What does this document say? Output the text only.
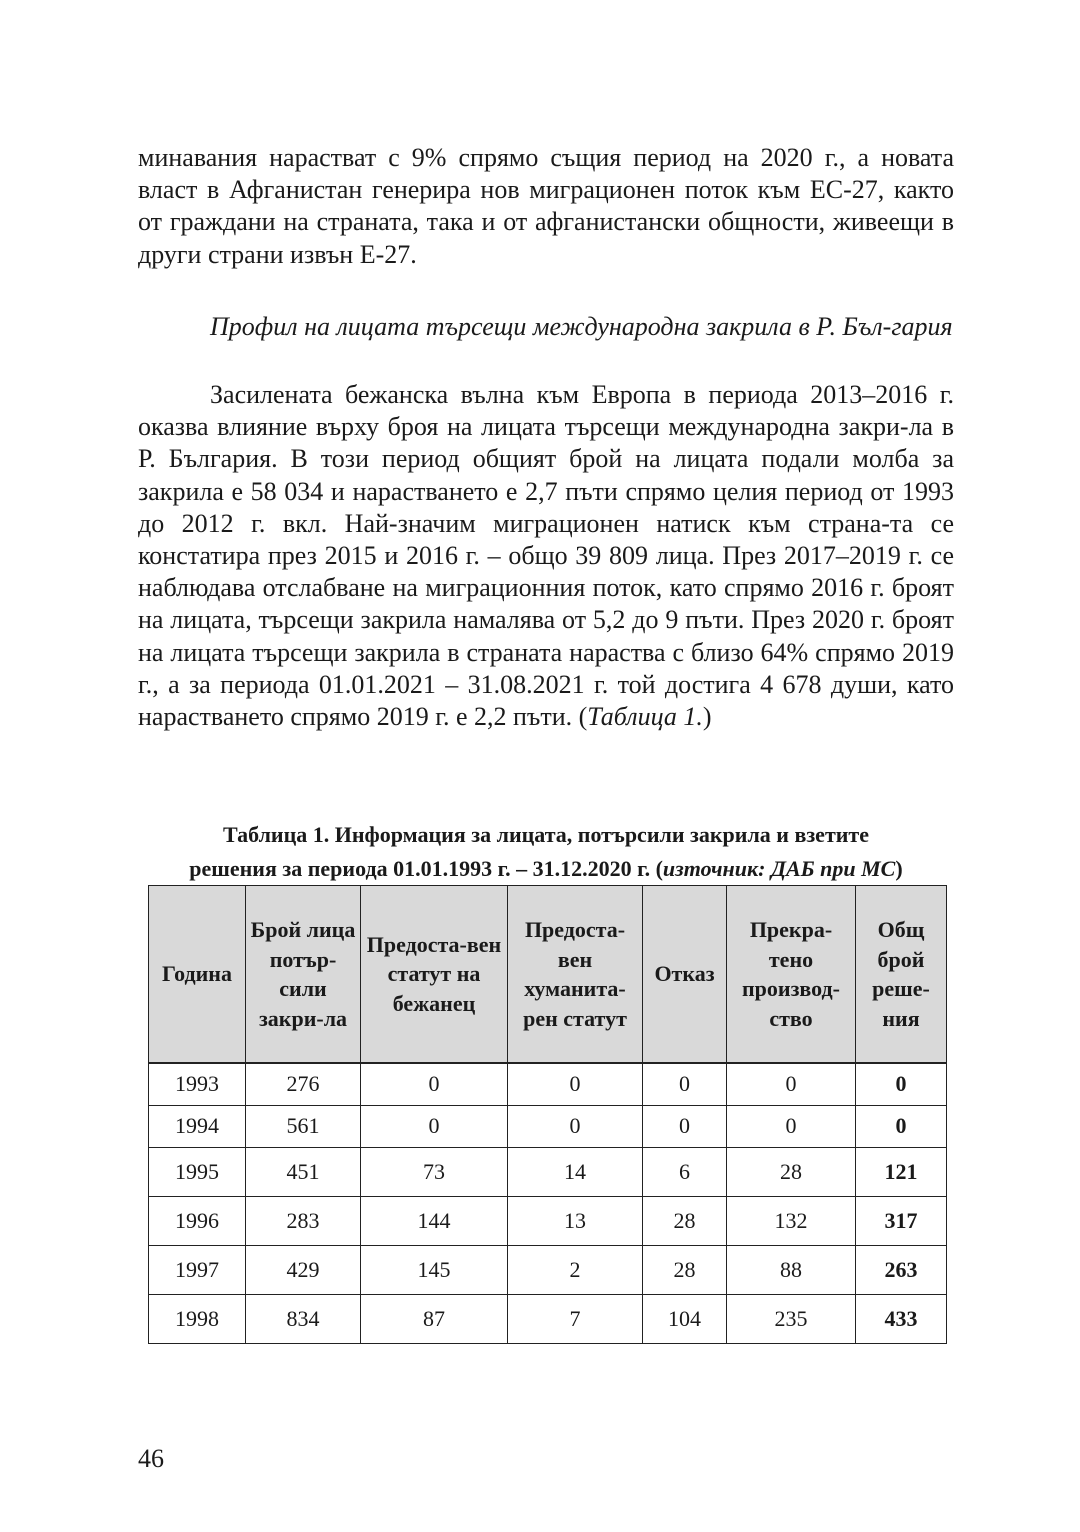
минавания нарастват с 9% спрямо същия период на 2020 г., а новата власт в Афганистан генерира нов миграционен поток към ЕС-27, както от граждани на страната, така и от афганистански общности, живеещи в други страни извън Е-27.

Профил на лицата търсещи международна закрила в Р. Бъл-гария

Засилената бежанска вълна към Европа в периода 2013–2016 г. оказва влияние върху броя на лицата търсещи международна закри-ла в Р. България. В този период общият брой на лицата подали молба за закрила е 58 034 и нарастването е 2,7 пъти спрямо целия период от 1993 до 2012 г. вкл. Най-значим миграционен натиск към страна-та се констатира през 2015 и 2016 г. – общо 39 809 лица. През 2017–2019 г. се наблюдава отслабване на миграционния поток, като спрямо 2016 г. броят на лицата, търсещи закрила намалява от 5,2 до 9 пъти. През 2020 г. броят на лицата търсещи закрила в страната нараства с близо 64% спрямо 2019 г., а за периода 01.01.2021 – 31.08.2021 г. той достига 4 678 души, като нарастването спрямо 2019 г. е 2,2 пъти. (Таблица 1.)

Таблица 1. Информация за лицата, потърсили закрила и взетите
решения за периода 01.01.1993 г. – 31.12.2020 г. (източник: ДАБ при МС)

Година	Брой лица потър-сили закри-ла	Предоста-вен статут на бежанец	Предоста-вен хуманита-рен статут	Отказ	Прекра-тено производ-ство	Общ брой реше-ния
1993	276	0	0	0	0	0
1994	561	0	0	0	0	0
1995	451	73	14	6	28	121
1996	283	144	13	28	132	317
1997	429	145	2	28	88	263
1998	834	87	7	104	235	433

46
